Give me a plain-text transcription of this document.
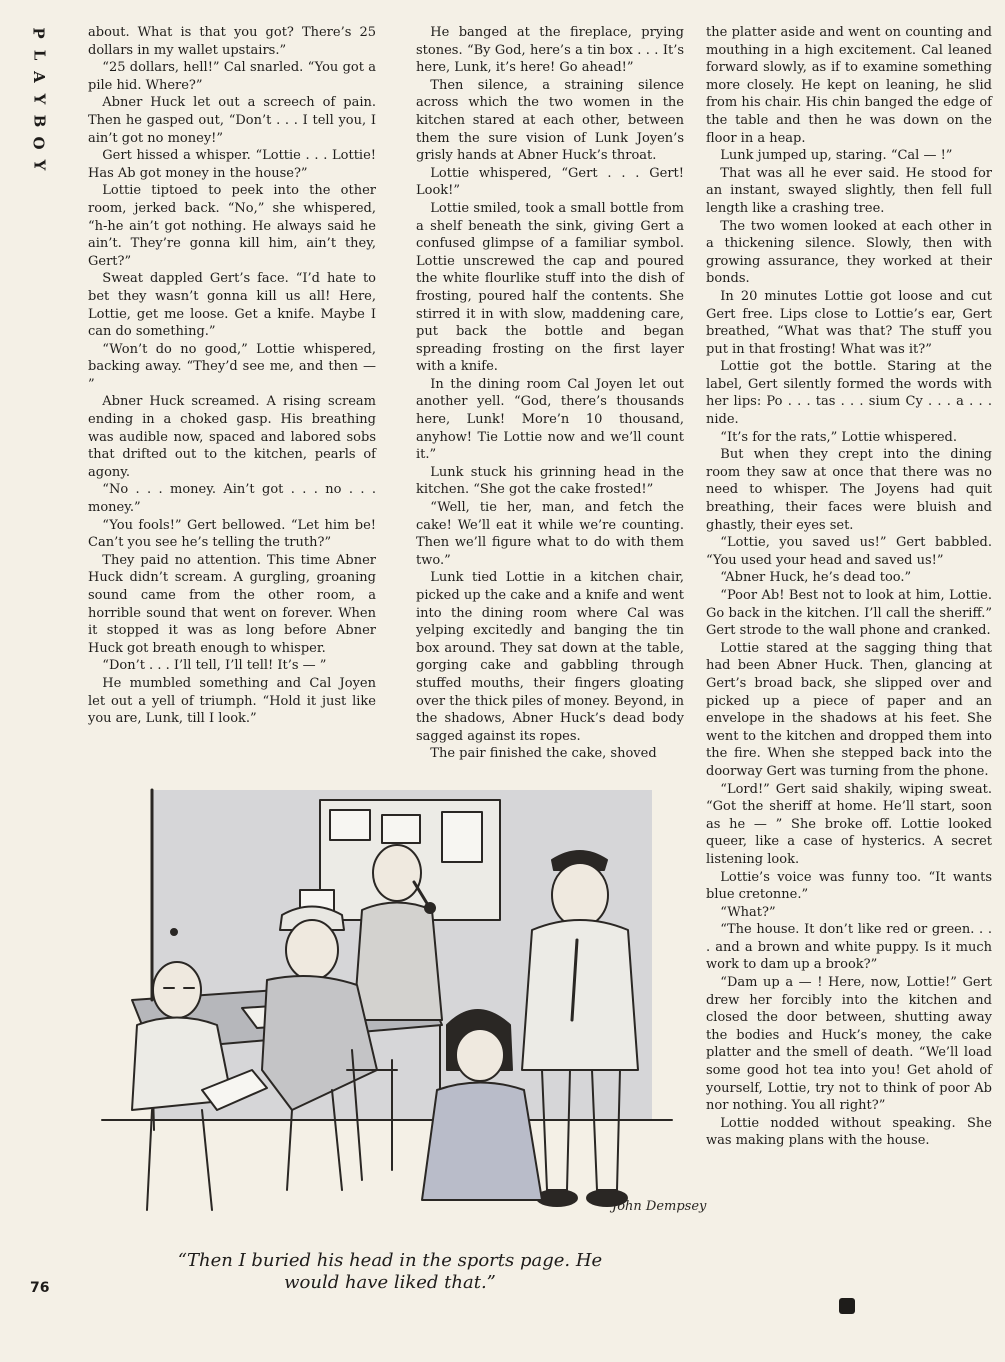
P
L
A
Y
B
O
Y

about. What is that you got? There’s 25 dollars in my wallet upstairs.”

“25 dollars, hell!” Cal snarled. “You got a pile hid. Where?”

Abner Huck let out a screech of pain. Then he gasped out, “Don’t . . . I tell you, I ain’t got no money!”

Gert hissed a whisper. “Lottie . . . Lottie! Has Ab got money in the house?”

Lottie tiptoed to peek into the other room, jerked back. “No,” she whispered, “h-he ain’t got nothing. He always said he ain’t. They’re gonna kill him, ain’t they, Gert?”

Sweat dappled Gert’s face. “I’d hate to bet they wasn’t gonna kill us all! Here, Lottie, get me loose. Get a knife. Maybe I can do something.”

“Won’t do no good,” Lottie whispered, backing away. “They’d see me, and then — ”

Abner Huck screamed. A rising scream ending in a choked gasp. His breathing was audible now, spaced and labored sobs that drifted out to the kitchen, pearls of agony.

“No . . . money. Ain’t got . . . no . . . money.”

“You fools!” Gert bellowed. “Let him be! Can’t you see he’s telling the truth?”

They paid no attention. This time Abner Huck didn’t scream. A gurgling, groaning sound came from the other room, a horrible sound that went on forever. When it stopped it was as long before Abner Huck got breath enough to whisper.

“Don’t . . . I’ll tell, I’ll tell! It’s — ”

He mumbled something and Cal Joyen let out a yell of triumph. “Hold it just like you are, Lunk, till I look.”

He banged at the fireplace, prying stones. “By God, here’s a tin box . . . It’s here, Lunk, it’s here! Go ahead!”

Then silence, a straining silence across which the two women in the kitchen stared at each other, between them the sure vision of Lunk Joyen’s grisly hands at Abner Huck’s throat.

Lottie whispered, “Gert . . . Gert! Look!”

Lottie smiled, took a small bottle from a shelf beneath the sink, giving Gert a confused glimpse of a familiar symbol. Lottie unscrewed the cap and poured the white flourlike stuff into the dish of frosting, poured half the contents. She stirred it in with slow, maddening care, put back the bottle and began spreading frosting on the first layer with a knife.

In the dining room Cal Joyen let out another yell. “God, there’s thousands here, Lunk! More’n 10 thousand, anyhow! Tie Lottie now and we’ll count it.”

Lunk stuck his grinning head in the kitchen. “She got the cake frosted!”

“Well, tie her, man, and fetch the cake! We’ll eat it while we’re counting. Then we’ll figure what to do with them two.”

Lunk tied Lottie in a kitchen chair, picked up the cake and a knife and went into the dining room where Cal was yelping excitedly and banging the tin box around. They sat down at the table, gorging cake and gabbling through stuffed mouths, their fingers gloating over the thick piles of money. Beyond, in the shadows, Abner Huck’s dead body sagged against its ropes.

The pair finished the cake, shoved

the platter aside and went on counting and mouthing in a high excitement. Cal leaned forward slowly, as if to examine something more closely. He kept on leaning, he slid from his chair. His chin banged the edge of the table and then he was down on the floor in a heap.

Lunk jumped up, staring. “Cal — !”

That was all he ever said. He stood for an instant, swayed slightly, then fell full length like a crashing tree.

The two women looked at each other in a thickening silence. Slowly, then with growing assurance, they worked at their bonds.

In 20 minutes Lottie got loose and cut Gert free. Lips close to Lottie’s ear, Gert breathed, “What was that? The stuff you put in that frosting! What was it?”

Lottie got the bottle. Staring at the label, Gert silently formed the words with her lips: Po . . . tas . . . sium Cy . . . a . . . nide.

“It’s for the rats,” Lottie whispered.

But when they crept into the dining room they saw at once that there was no need to whisper. The Joyens had quit breathing, their faces were bluish and ghastly, their eyes set.

“Lottie, you saved us!” Gert babbled. “You used your head and saved us!”

“Abner Huck, he’s dead too.”

“Poor Ab! Best not to look at him, Lottie. Go back in the kitchen. I’ll call the sheriff.” Gert strode to the wall phone and cranked.

Lottie stared at the sagging thing that had been Abner Huck. Then, glancing at Gert’s broad back, she slipped over and picked up a piece of paper and an envelope in the shadows at his feet. She went to the kitchen and dropped them into the fire. When she stepped back into the doorway Gert was turning from the phone.

“Lord!” Gert said shakily, wiping sweat. “Got the sheriff at home. He’ll start, soon as he — ” She broke off. Lottie looked queer, like a case of hysterics. A secret listening look.

Lottie’s voice was funny too. “It wants blue cretonne.”

“What?”

“The house. It don’t like red or green. . . . and a brown and white puppy. Is it much work to dam up a brook?”

“Dam up a — ! Here, now, Lottie!” Gert drew her forcibly into the kitchen and closed the door between, shutting away the bodies and Huck’s money, the cake platter and the smell of death. “We’ll load some good hot tea into you! Get ahold of yourself, Lottie, try not to think of poor Ab nor nothing. You all right?”

Lottie nodded without speaking. She was making plans with the house.

John Dempsey
“Then I buried his head in the sports page. He would have liked that.”
76
